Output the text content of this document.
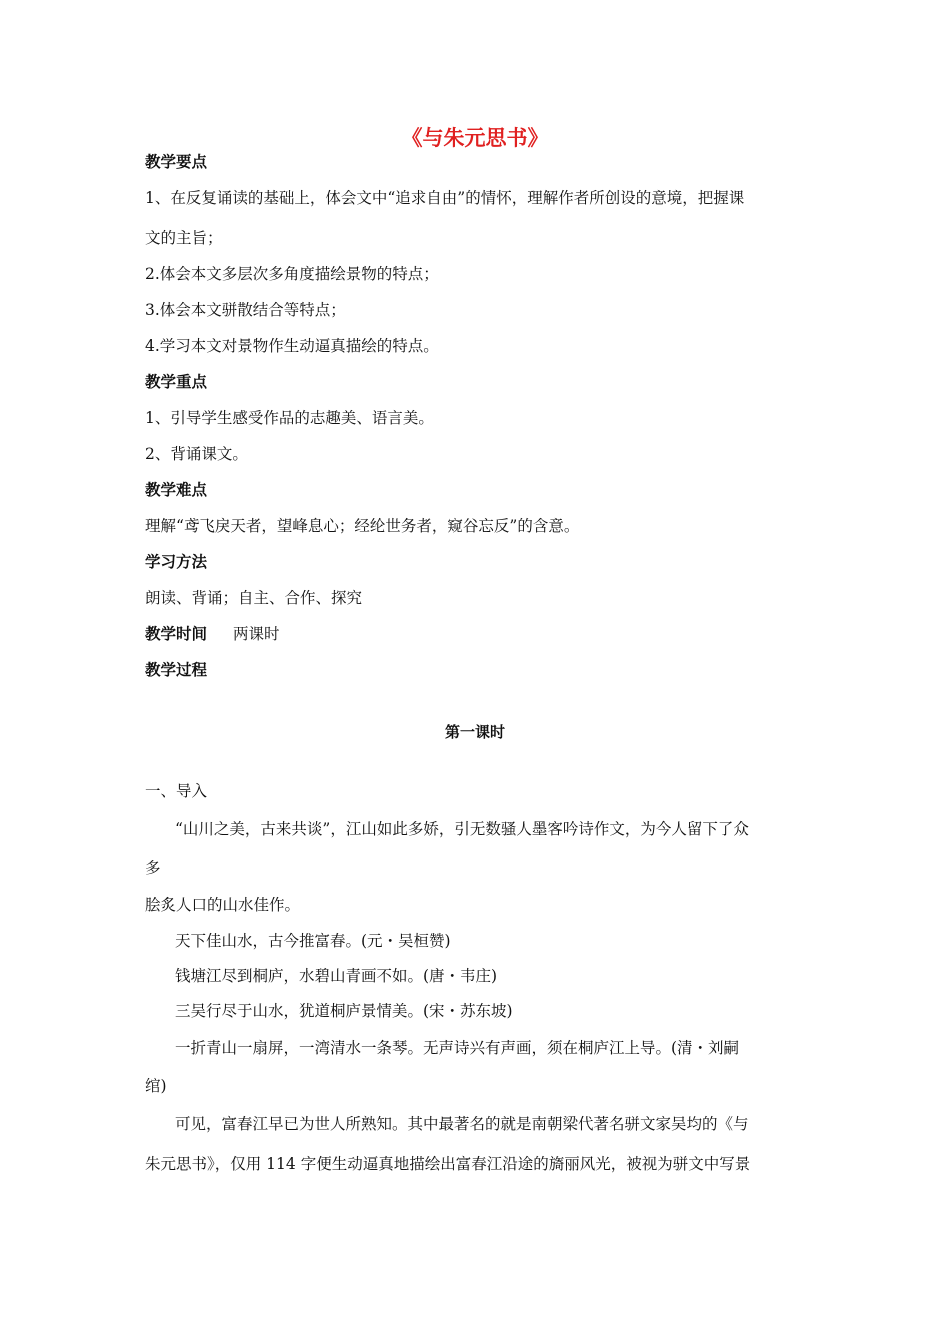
《与朱元思书》
教学要点
1、在反复诵读的基础上，体会文中“追求自由”的情怀，理解作者所创设的意境，把握课
文的主旨；
2.体会本文多层次多角度描绘景物的特点；
3.体会本文骈散结合等特点；
4.学习本文对景物作生动逼真描绘的特点。
教学重点
1、引导学生感受作品的志趣美、语言美。
2、背诵课文。
教学难点
理解“鸢飞戾天者，望峰息心；经纶世务者，窥谷忘反”的含意。
学习方法
朗读、背诵；自主、合作、探究
教学时间 两课时
教学过程
第一课时
一、导入
“山川之美，古来共谈”，江山如此多娇，引无数骚人墨客吟诗作文，为今人留下了众
多
脍炙人口的山水佳作。
天下佳山水，古今推富春。(元・吴桓赞)
钱塘江尽到桐庐，水碧山青画不如。(唐・韦庄)
三吴行尽于山水，犹道桐庐景情美。(宋・苏东坡)
一折青山一扇屏，一湾清水一条琴。无声诗兴有声画，须在桐庐江上导。(清・刘嗣
绾)
可见，富春江早已为世人所熟知。其中最著名的就是南朝梁代著名骈文家吴均的《与
朱元思书》，仅用 114 字便生动逼真地描绘出富春江沿途的旖丽风光，被视为骈文中写景
